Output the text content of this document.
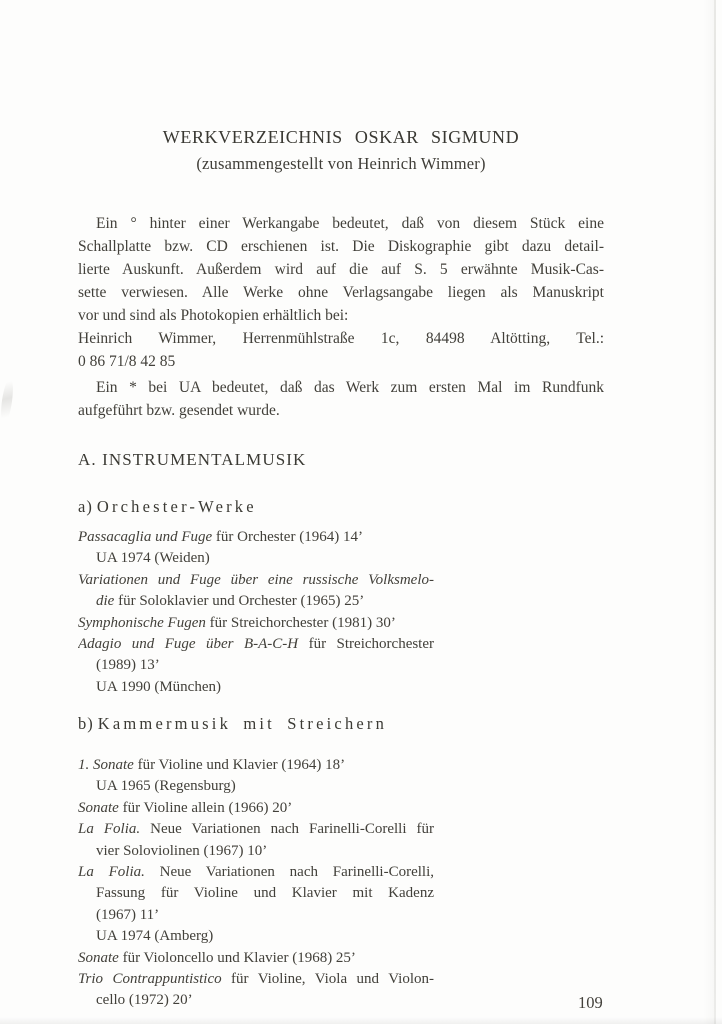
WERKVERZEICHNIS OSKAR SIGMUND
(zusammengestellt von Heinrich Wimmer)
Ein ° hinter einer Werkangabe bedeutet, daß von diesem Stück eine
Schallplatte bzw. CD erschienen ist. Die Diskographie gibt dazu detail-
lierte Auskunft. Außerdem wird auf die auf S. 5 erwähnte Musik-Cas-
sette verwiesen. Alle Werke ohne Verlagsangabe liegen als Manuskript
vor und sind als Photokopien erhältlich bei:
Heinrich Wimmer, Herrenmühlstraße 1c, 84498 Altötting, Tel.:
0 86 71/8 42 85
Ein * bei UA bedeutet, daß das Werk zum ersten Mal im Rundfunk
aufgeführt bzw. gesendet wurde.
A. INSTRUMENTALMUSIK
a) Orchester-Werke
Passacaglia und Fuge für Orchester (1964) 14’
UA 1974 (Weiden)
Variationen und Fuge über eine russische Volksmelo-
die für Soloklavier und Orchester (1965) 25’
Symphonische Fugen für Streichorchester (1981) 30’
Adagio und Fuge über B-A-C-H für Streichorchester
(1989) 13’
UA 1990 (München)
b) Kammermusik mit Streichern
1. Sonate für Violine und Klavier (1964) 18’
UA 1965 (Regensburg)
Sonate für Violine allein (1966) 20’
La Folia. Neue Variationen nach Farinelli-Corelli für
vier Soloviolinen (1967) 10’
La Folia. Neue Variationen nach Farinelli-Corelli,
Fassung für Violine und Klavier mit Kadenz
(1967) 11’
UA 1974 (Amberg)
Sonate für Violoncello und Klavier (1968) 25’
Trio Contrappuntistico für Violine, Viola und Violon-
cello (1972) 20’	109
